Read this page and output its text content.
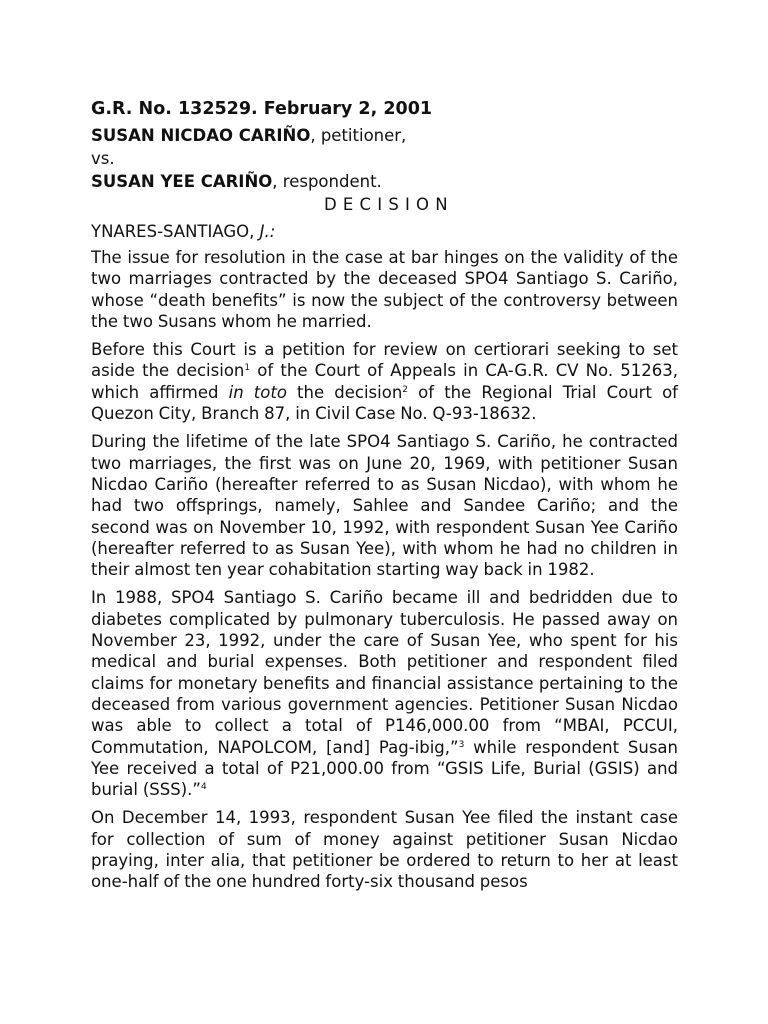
G.R. No. 132529. February 2, 2001
SUSAN NICDAO CARIÑO, petitioner,
vs.
SUSAN YEE CARIÑO, respondent.
DECISION
YNARES-SANTIAGO, J.:

The issue for resolution in the case at bar hinges on the validity of the two marriages contracted by the deceased SPO4 Santiago S. Cariño, whose “death benefits” is now the subject of the controversy between the two Susans whom he married.

Before this Court is a petition for review on certiorari seeking to set aside the decision$^1$ of the Court of Appeals in CA-G.R. CV No. 51263, which affirmed in toto the decision$^2$ of the Regional Trial Court of Quezon City, Branch 87, in Civil Case No. Q-93-18632.

During the lifetime of the late SPO4 Santiago S. Cariño, he contracted two marriages, the first was on June 20, 1969, with petitioner Susan Nicdao Cariño (hereafter referred to as Susan Nicdao), with whom he had two offsprings, namely, Sahlee and Sandee Cariño; and the second was on November 10, 1992, with respondent Susan Yee Cariño (hereafter referred to as Susan Yee), with whom he had no children in their almost ten year cohabitation starting way back in 1982.

In 1988, SPO4 Santiago S. Cariño became ill and bedridden due to diabetes complicated by pulmonary tuberculosis. He passed away on November 23, 1992, under the care of Susan Yee, who spent for his medical and burial expenses. Both petitioner and respondent filed claims for monetary benefits and financial assistance pertaining to the deceased from various government agencies. Petitioner Susan Nicdao was able to collect a total of P146,000.00 from “MBAI, PCCUI, Commutation, NAPOLCOM, [and] Pag-ibig,”$^3$ while respondent Susan Yee received a total of P21,000.00 from “GSIS Life, Burial (GSIS) and burial (SSS).”$^4$

On December 14, 1993, respondent Susan Yee filed the instant case for collection of sum of money against petitioner Susan Nicdao praying, inter alia, that petitioner be ordered to return to her at least one-half of the one hundred forty-six thousand pesos
